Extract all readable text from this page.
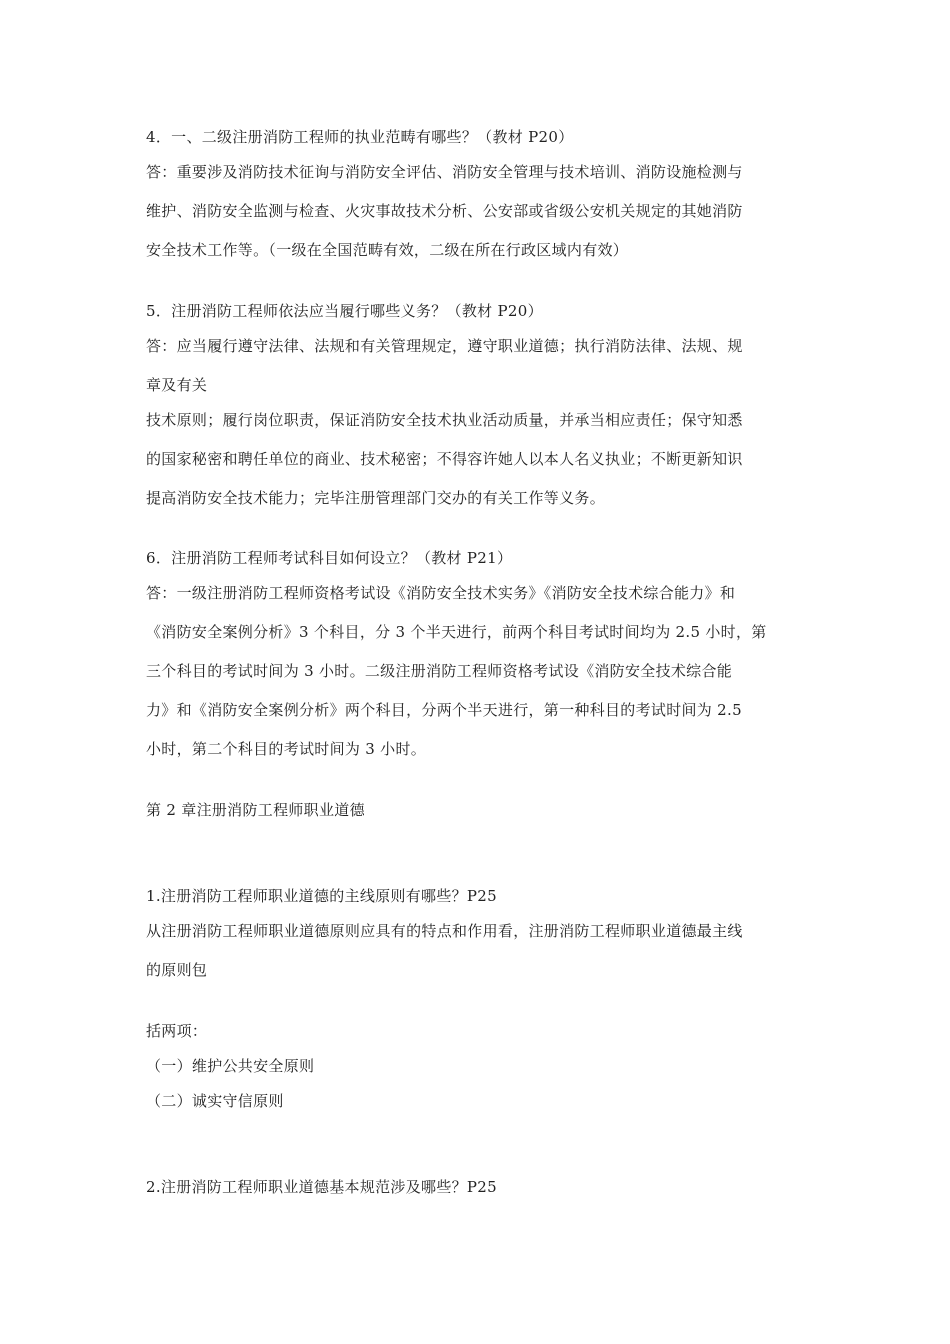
4．一、二级注册消防工程师的执业范畴有哪些？（教材 P20）
答：重要涉及消防技术征询与消防安全评估、消防安全管理与技术培训、消防设施检测与
维护、消防安全监测与检查、火灾事故技术分析、公安部或省级公安机关规定的其她消防
安全技术工作等。（一级在全国范畴有效，二级在所在行政区域内有效）
5．注册消防工程师依法应当履行哪些义务？（教材 P20）
答：应当履行遵守法律、法规和有关管理规定，遵守职业道德；执行消防法律、法规、规
章及有关
技术原则；履行岗位职责，保证消防安全技术执业活动质量，并承当相应责任；保守知悉
的国家秘密和聘任单位的商业、技术秘密；不得容许她人以本人名义执业；不断更新知识
提高消防安全技术能力；完毕注册管理部门交办的有关工作等义务。
6．注册消防工程师考试科目如何设立？（教材 P21）
答：一级注册消防工程师资格考试设《消防安全技术实务》《消防安全技术综合能力》和
《消防安全案例分析》3 个科目，分 3 个半天进行，前两个科目考试时间均为 2.5 小时，第
三个科目的考试时间为 3 小时。二级注册消防工程师资格考试设《消防安全技术综合能
力》和《消防安全案例分析》两个科目，分两个半天进行，第一种科目的考试时间为 2.5
小时，第二个科目的考试时间为 3 小时。
第 2 章注册消防工程师职业道德
1.注册消防工程师职业道德的主线原则有哪些？P25
从注册消防工程师职业道德原则应具有的特点和作用看，注册消防工程师职业道德最主线
的原则包
括两项：
（一）维护公共安全原则
（二）诚实守信原则
2.注册消防工程师职业道德基本规范涉及哪些？P25
